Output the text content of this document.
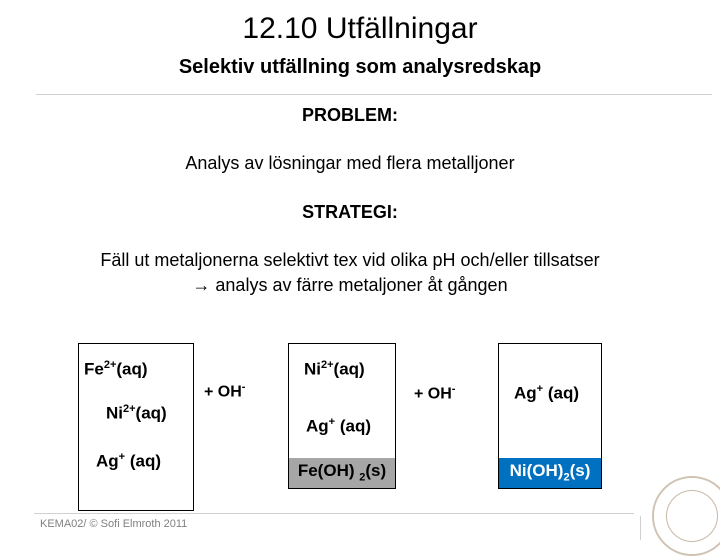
12.10 Utfällningar
Selektiv utfällning som analysredskap
PROBLEM:
Analys av lösningar med flera metalljoner
STRATEGI:
Fäll ut metaljonerna selektivt tex vid olika pH och/eller tillsatser
→ analys av färre metaljoner åt gången
$Fe^{2+}(aq)$
$Ni^{2+}(aq)$
Ag+ (aq)
+ OH-
$Ni^{2+}(aq)$
Ag+ (aq)
Fe(OH) $_2$(s)
+ OH-	Ag+ (aq)
$Ni(OH)_2(s)$
KEMA02/ © Sofi Elmroth 2011
